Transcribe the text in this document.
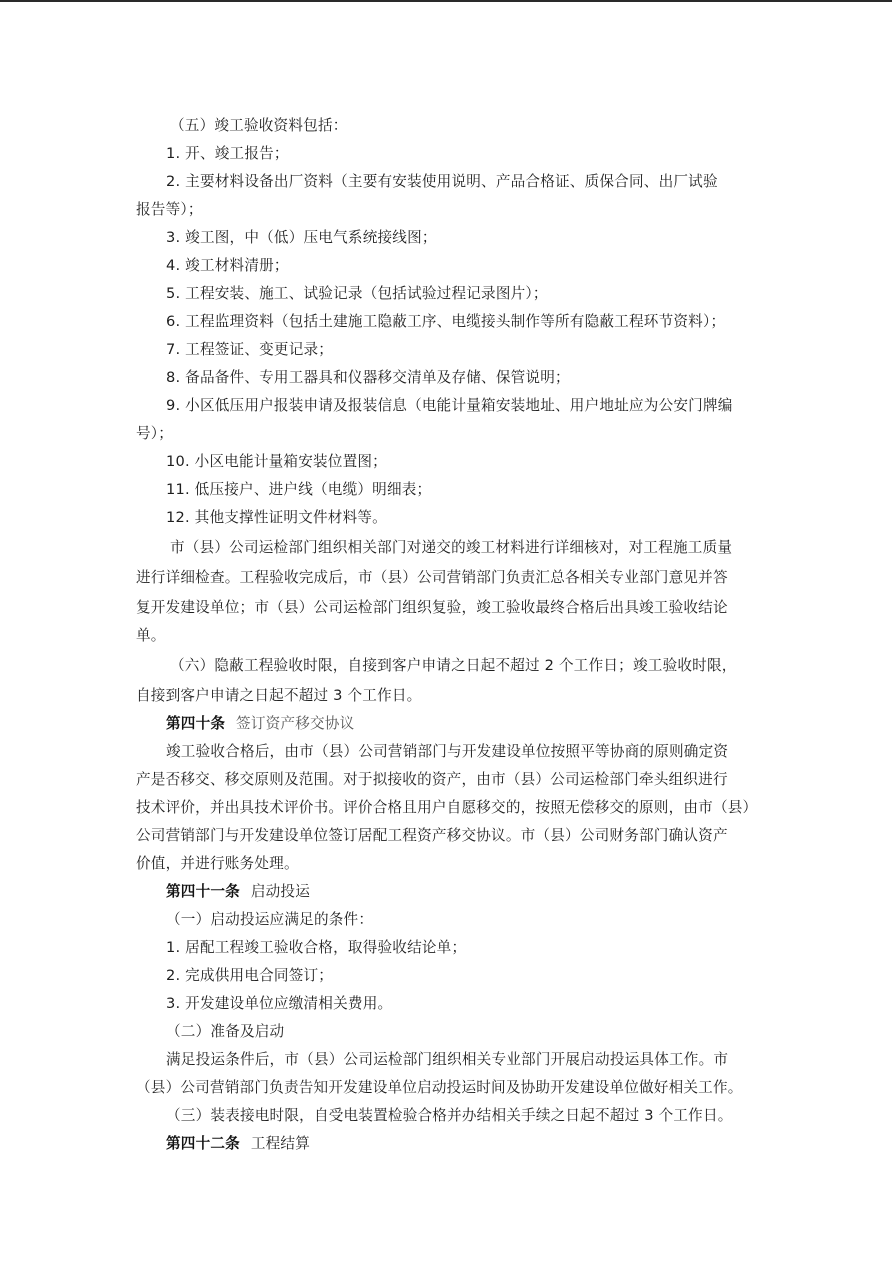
（五）竣工验收资料包括：
1. 开、竣工报告；
2. 主要材料设备出厂资料（主要有安装使用说明、产品合格证、质保合同、出厂试验
报告等）；
3. 竣工图，中（低）压电气系统接线图；
4. 竣工材料清册；
5. 工程安装、施工、试验记录（包括试验过程记录图片）；
6. 工程监理资料（包括土建施工隐蔽工序、电缆接头制作等所有隐蔽工程环节资料）；
7. 工程签证、变更记录；
8. 备品备件、专用工器具和仪器移交清单及存储、保管说明；
9. 小区低压用户报装申请及报装信息（电能计量箱安装地址、用户地址应为公安门牌编
号）；
10. 小区电能计量箱安装位置图；
11. 低压接户、进户线（电缆）明细表；
12. 其他支撑性证明文件材料等。
市（县）公司运检部门组织相关部门对递交的竣工材料进行详细核对，对工程施工质量
进行详细检查。工程验收完成后，市（县）公司营销部门负责汇总各相关专业部门意见并答
复开发建设单位；市（县）公司运检部门组织复验，竣工验收最终合格后出具竣工验收结论
单。
（六）隐蔽工程验收时限，自接到客户申请之日起不超过 2 个工作日；竣工验收时限，
自接到客户申请之日起不超过 3 个工作日。
第四十条 签订资产移交协议
竣工验收合格后，由市（县）公司营销部门与开发建设单位按照平等协商的原则确定资
产是否移交、移交原则及范围。对于拟接收的资产，由市（县）公司运检部门牵头组织进行
技术评价，并出具技术评价书。评价合格且用户自愿移交的，按照无偿移交的原则，由市（县）
公司营销部门与开发建设单位签订居配工程资产移交协议。市（县）公司财务部门确认资产
价值，并进行账务处理。
第四十一条 启动投运
（一）启动投运应满足的条件：
1. 居配工程竣工验收合格，取得验收结论单；
2. 完成供用电合同签订；
3. 开发建设单位应缴清相关费用。
（二）准备及启动
满足投运条件后，市（县）公司运检部门组织相关专业部门开展启动投运具体工作。市
（县）公司营销部门负责告知开发建设单位启动投运时间及协助开发建设单位做好相关工作。
（三）装表接电时限，自受电装置检验合格并办结相关手续之日起不超过 3 个工作日。
第四十二条 工程结算
